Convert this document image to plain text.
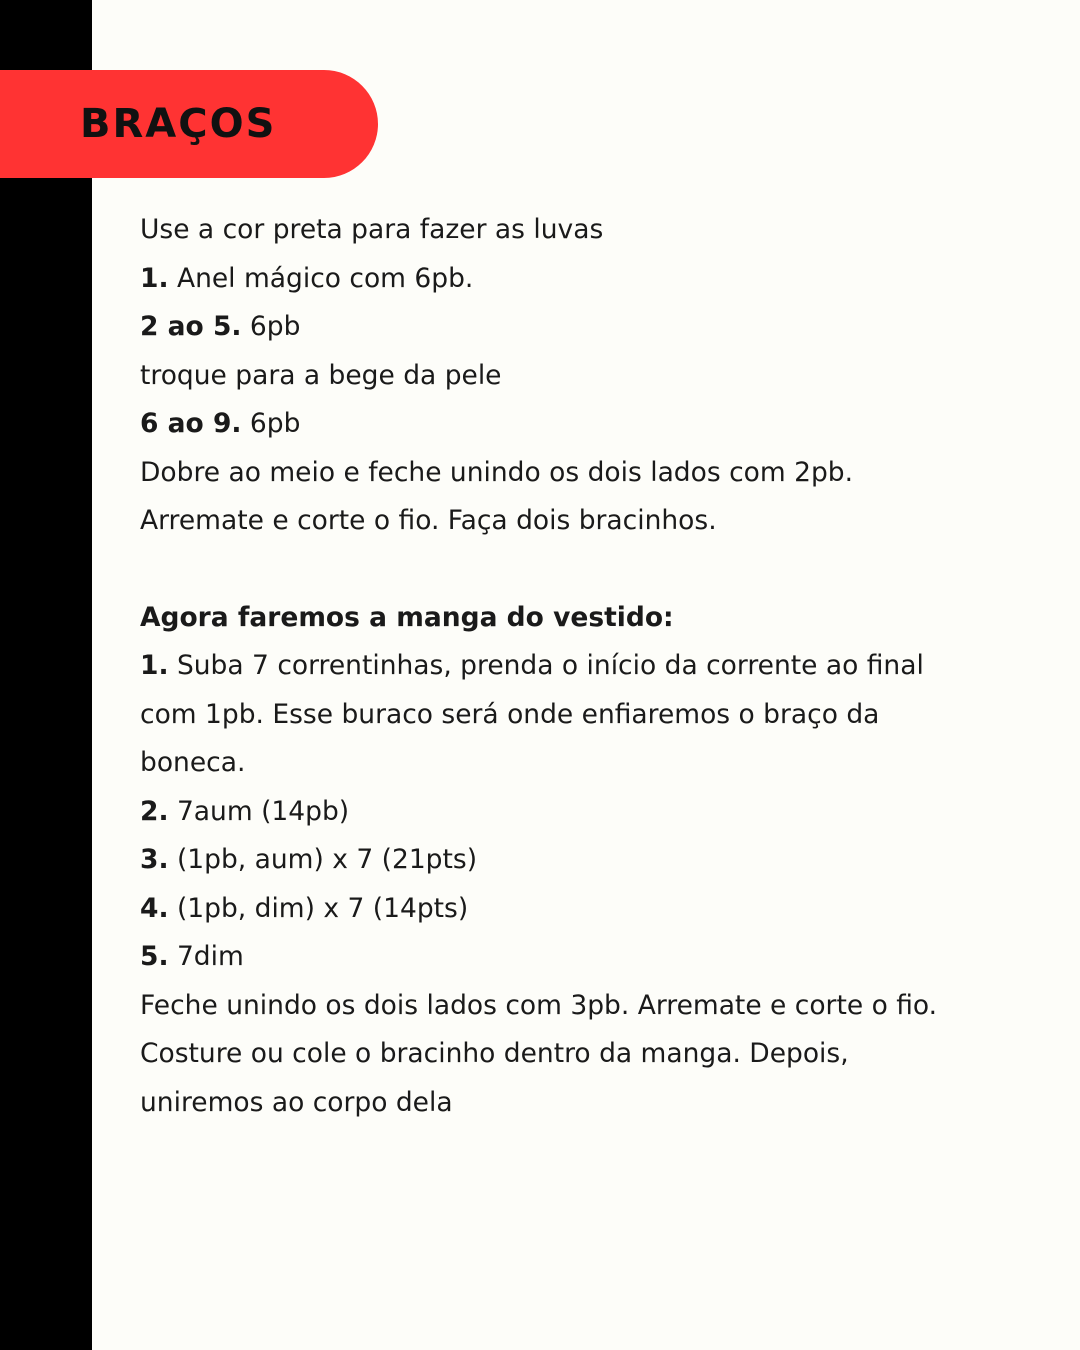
BRAÇOS
Use a cor preta para fazer as luvas
1. Anel mágico com 6pb.
2 ao 5. 6pb
troque para a bege da pele
6 ao 9. 6pb
Dobre ao meio e feche unindo os dois lados com 2pb.
Arremate e corte o fio. Faça dois bracinhos.
Agora faremos a manga do vestido:
1. Suba 7 correntinhas, prenda o início da corrente ao final
com 1pb. Esse buraco será onde enfiaremos o braço da
boneca.
2. 7aum (14pb)
3. (1pb, aum) x 7 (21pts)
4. (1pb, dim) x 7 (14pts)
5. 7dim
Feche unindo os dois lados com 3pb. Arremate e corte o fio.
Costure ou cole o bracinho dentro da manga. Depois,
uniremos ao corpo dela
